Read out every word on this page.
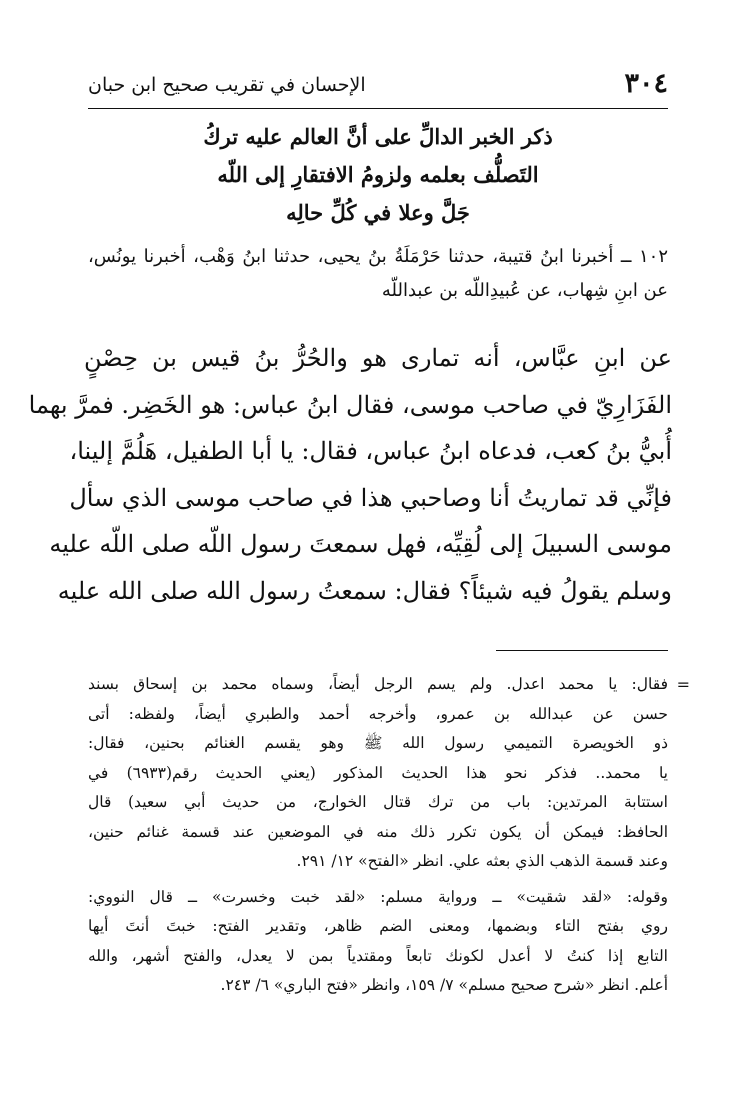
٣٠٤
الإحسان في تقريب صحيح ابن حبان
ذكر الخبر الدالِّ على أنَّ العالم عليه تركُ
التَصلُّف بعلمه ولزومُ الافتقارِ إلى اللّه
جَلَّ وعلا في كُلِّ حالِه
١٠٢ ــ أخبرنا ابنُ قتيبة، حدثنا حَرْمَلَةُ بنُ يحيى، حدثنا ابنُ وَهْب، أخبرنا يونُس، عن ابنِ شِهاب، عن عُبيدِاللّه بن عبداللّه
عن ابنِ عبَّاس، أنه تمارى هو والحُرُّ بنُ قيس بن حِصْنٍ
الفَزَارِيّ في صاحب موسى، فقال ابنُ عباس: هو الخَضِر. فمرَّ بهما
أُبيُّ بنُ كعب، فدعاه ابنُ عباس، فقال: يا أبا الطفيل، هَلُمَّ إلينا،
فإنِّي قد تماريتُ أنا وصاحبي هذا في صاحب موسى الذي سأل
موسى السبيلَ إلى لُقِيِّه، فهل سمعتَ رسول اللّه صلى اللّه عليه
وسلم يقولُ فيه شيئاً؟ فقال: سمعتُ رسول الله صلى الله عليه
=
فقال: يا محمد اعدل. ولم يسم الرجل أيضاً، وسماه محمد بن إسحاق بسند
حسن عن عبدالله بن عمرو، وأخرجه أحمد والطبري أيضاً، ولفظه: أتى
ذو الخويصرة التميمي رسول الله ﷺ وهو يقسم الغنائم بحنين، فقال:
يا محمد.. فذكر نحو هذا الحديث المذكور (يعني الحديث رقم(٦٩٣٣) في
استتابة المرتدين: باب من ترك قتال الخوارج، من حديث أبي سعيد) قال
الحافظ: فيمكن أن يكون تكرر ذلك منه في الموضعين عند قسمة غنائم حنين،
وعند قسمة الذهب الذي بعثه علي. انظر «الفتح» ١٢/ ٢٩١.
وقوله: «لقد شقيت» ــ ورواية مسلم: «لقد خبت وخسرت» ــ قال النووي:
روي بفتح التاء وبضمها، ومعنى الضم ظاهر، وتقدير الفتح: خبتَ أنتَ أيها
التابع إذا كنتُ لا أعدل لكونك تابعاً ومقتدياً بمن لا يعدل، والفتح أشهر، والله
أعلم. انظر «شرح صحيح مسلم» ٧/ ١٥٩، وانظر «فتح الباري» ٦/ ٢٤٣.
